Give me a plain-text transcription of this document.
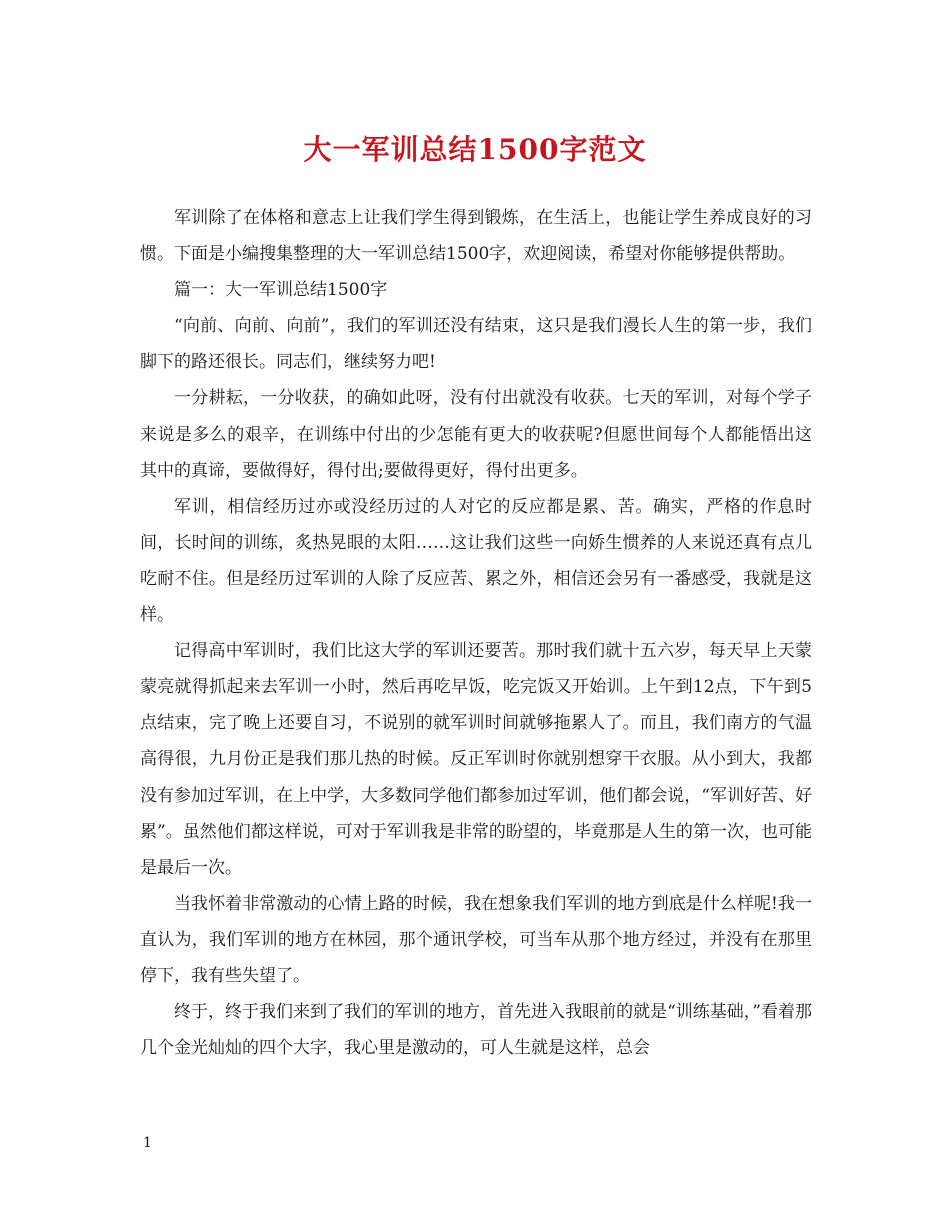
大一军训总结1500字范文

军训除了在体格和意志上让我们学生得到锻炼，在生活上，也能让学生养成良好的习惯。下面是小编搜集整理的大一军训总结1500字，欢迎阅读，希望对你能够提供帮助。

篇一：大一军训总结1500字

“向前、向前、向前”，我们的军训还没有结束，这只是我们漫长人生的第一步，我们脚下的路还很长。同志们，继续努力吧!

一分耕耘，一分收获，的确如此呀，没有付出就没有收获。七天的军训，对每个学子来说是多么的艰辛，在训练中付出的少怎能有更大的收获呢?但愿世间每个人都能悟出这其中的真谛，要做得好，得付出;要做得更好，得付出更多。

军训，相信经历过亦或没经历过的人对它的反应都是累、苦。确实，严格的作息时间，长时间的训练，炙热晃眼的太阳……这让我们这些一向娇生惯养的人来说还真有点儿吃耐不住。但是经历过军训的人除了反应苦、累之外，相信还会另有一番感受，我就是这样。

记得高中军训时，我们比这大学的军训还要苦。那时我们就十五六岁，每天早上天蒙蒙亮就得抓起来去军训一小时，然后再吃早饭，吃完饭又开始训。上午到12点，下午到5点结束，完了晚上还要自习，不说别的就军训时间就够拖累人了。而且，我们南方的气温高得很，九月份正是我们那儿热的时候。反正军训时你就别想穿干衣服。从小到大，我都没有参加过军训，在上中学，大多数同学他们都参加过军训，他们都会说，“军训好苦、好累”。虽然他们都这样说，可对于军训我是非常的盼望的，毕竟那是人生的第一次，也可能是最后一次。

当我怀着非常激动的心情上路的时候，我在想象我们军训的地方到底是什么样呢!我一直认为，我们军训的地方在林园，那个通讯学校，可当车从那个地方经过，并没有在那里停下，我有些失望了。

终于，终于我们来到了我们的军训的地方，首先进入我眼前的就是“训练基础，”看着那几个金光灿灿的四个大字，我心里是激动的，可人生就是这样，总会

1
